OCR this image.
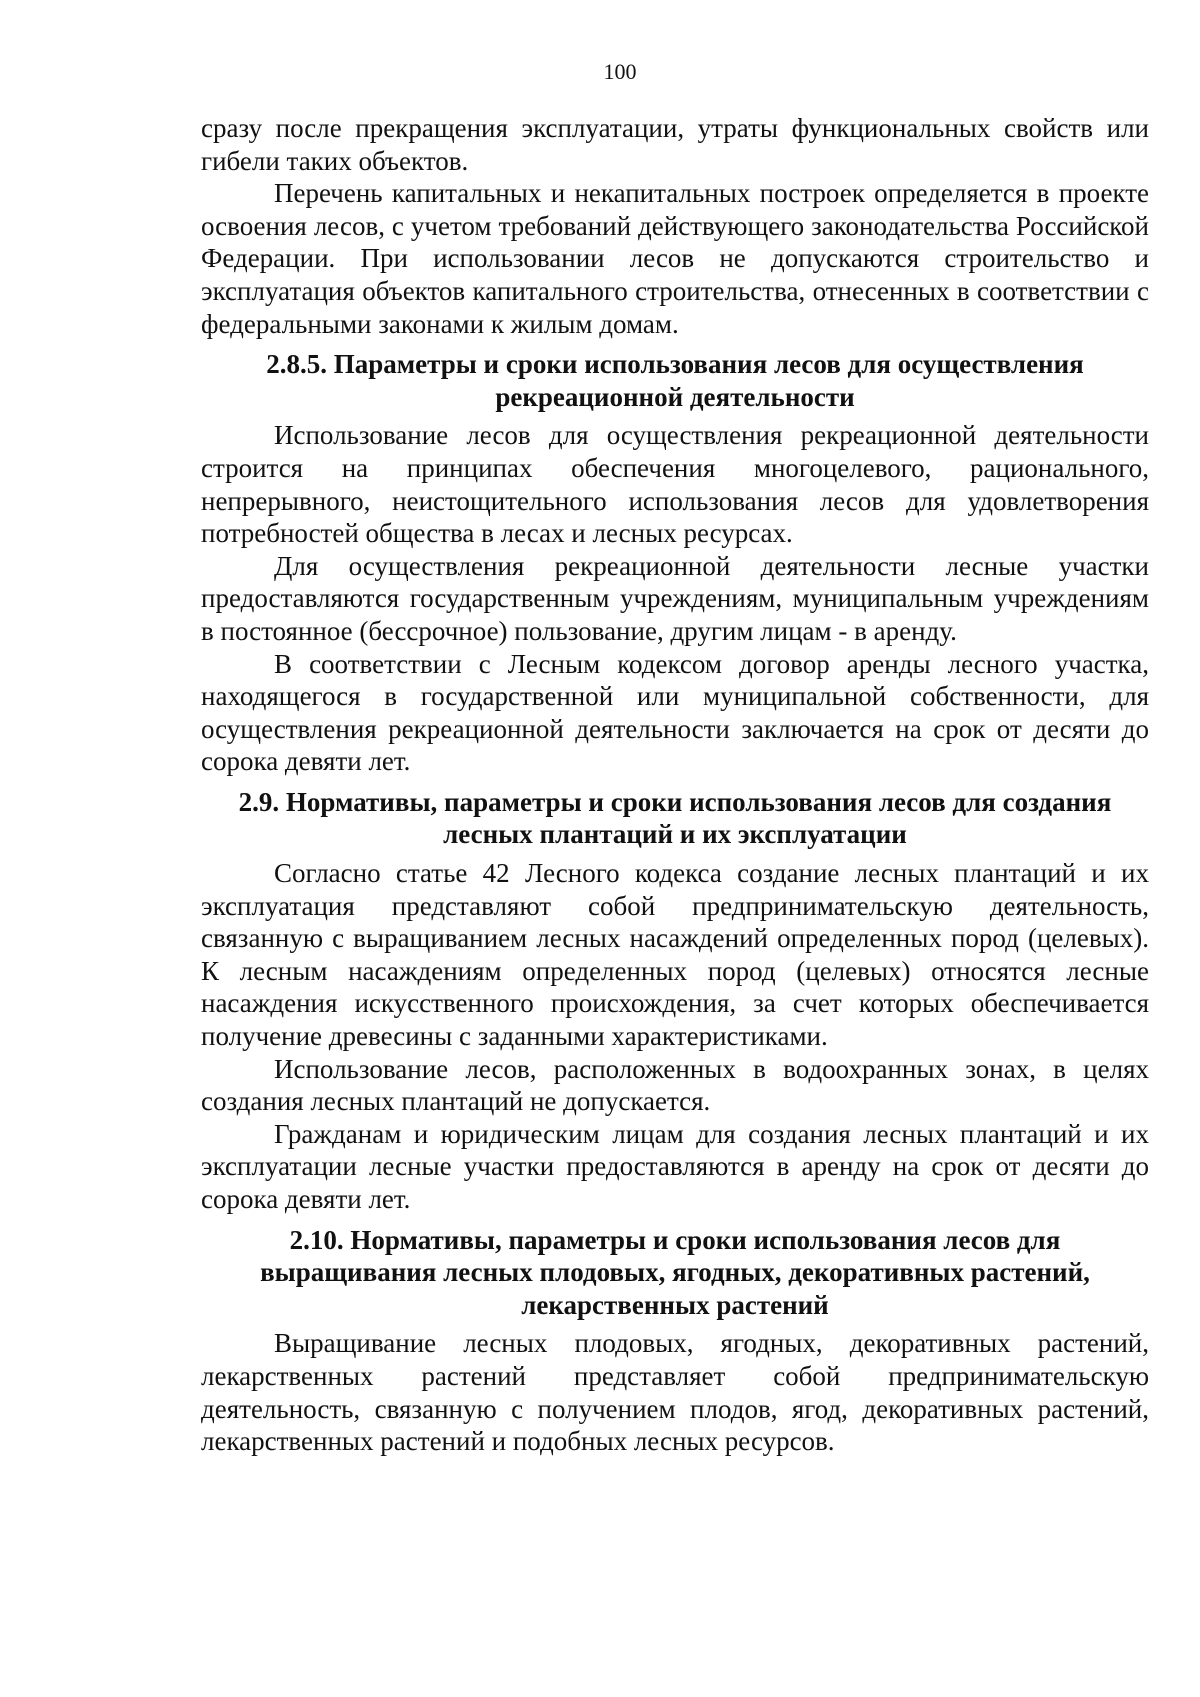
100

сразу после прекращения эксплуатации, утраты функциональных свойств или гибели таких объектов.

Перечень капитальных и некапитальных построек определяется в проекте освоения лесов, с учетом требований действующего законодательства Российской Федерации. При использовании лесов не допускаются строительство и эксплуатация объектов капитального строительства, отнесенных в соответствии с федеральными законами к жилым домам.

2.8.5. Параметры и сроки использования лесов для осуществления рекреационной деятельности

Использование лесов для осуществления рекреационной деятельности строится на принципах обеспечения многоцелевого, рационального, непрерывного, неистощительного использования лесов для удовлетворения потребностей общества в лесах и лесных ресурсах.

Для осуществления рекреационной деятельности лесные участки предоставляются государственным учреждениям, муниципальным учреждениям в постоянное (бессрочное) пользование, другим лицам - в аренду.

В соответствии с Лесным кодексом договор аренды лесного участка, находящегося в государственной или муниципальной собственности, для осуществления рекреационной деятельности заключается на срок от десяти до сорока девяти лет.

2.9. Нормативы, параметры и сроки использования лесов для создания лесных плантаций и их эксплуатации

Согласно статье 42 Лесного кодекса создание лесных плантаций и их эксплуатация представляют собой предпринимательскую деятельность, связанную с выращиванием лесных насаждений определенных пород (целевых). К лесным насаждениям определенных пород (целевых) относятся лесные насаждения искусственного происхождения, за счет которых обеспечивается получение древесины с заданными характеристиками.

Использование лесов, расположенных в водоохранных зонах, в целях создания лесных плантаций не допускается.

Гражданам и юридическим лицам для создания лесных плантаций и их эксплуатации лесные участки предоставляются в аренду на срок от десяти до сорока девяти лет.

2.10. Нормативы, параметры и сроки использования лесов для выращивания лесных плодовых, ягодных, декоративных растений, лекарственных растений

Выращивание лесных плодовых, ягодных, декоративных растений, лекарственных растений представляет собой предпринимательскую деятельность, связанную с получением плодов, ягод, декоративных растений, лекарственных растений и подобных лесных ресурсов.
